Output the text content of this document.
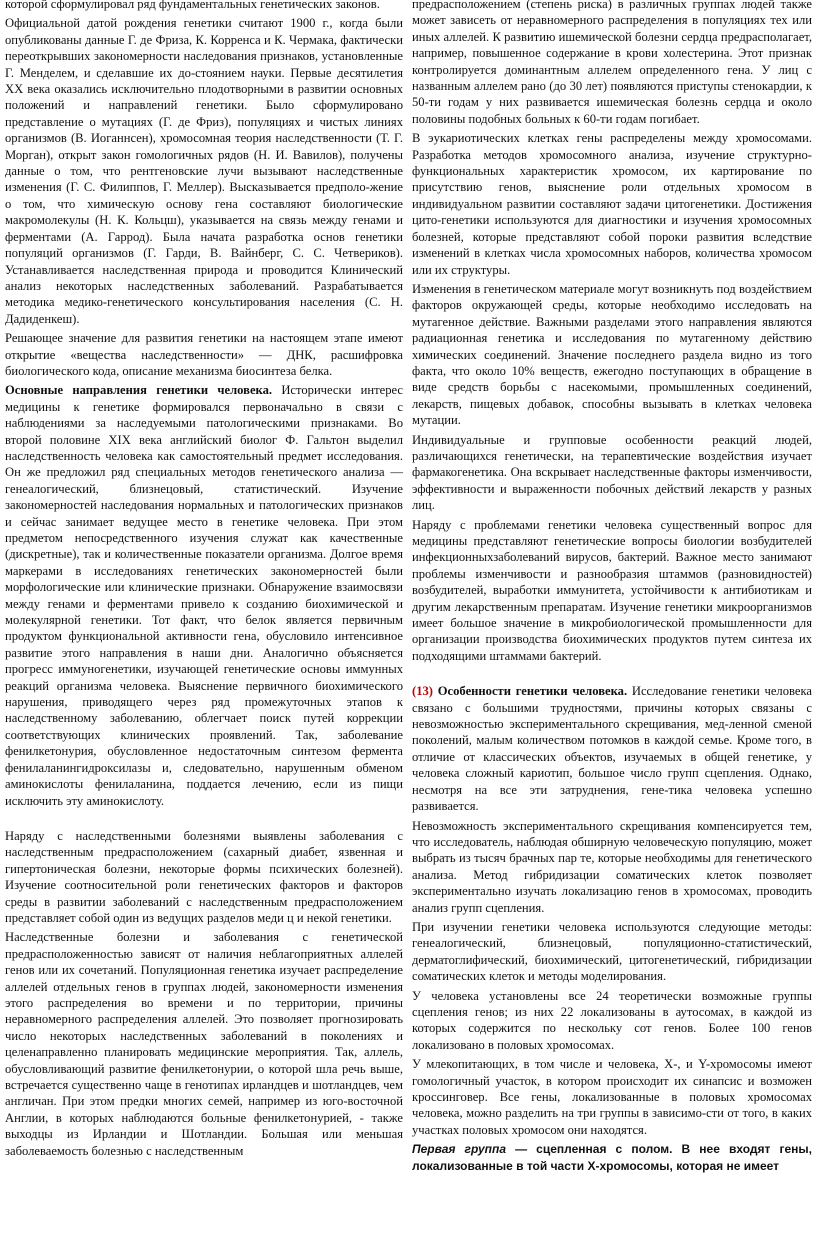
которой сформулировал ряд фундаментальных генетических законов.

Официальной датой рождения генетики считают 1900 г., когда были опубликованы данные Г. де Фриза, К. Корренса и К. Чермака, фактически переоткрывших закономерности наследования признаков, установленные Г. Менделем, и сделавшие их до-стоянием науки. Первые десятилетия XX века оказались исключительно плодотворными в развитии основных положений и направлений генетики. Было сформулировано представление о мутациях (Г. де Фриз), популяциях и чистых линиях организмов (В. Иоганнсен), хромосомная теория наследственности (Т. Г. Морган), открыт закон гомологичных рядов (Н. И. Вавилов), получены данные о том, что рентгеновские лучи вызывают наследственные изменения (Г. С. Филиппов, Г. Меллер). Высказывается предполо-жение о том, что химическую основу гена составляют биологические макромолекулы (Н. К. Кольцш), указывается на связь между генами и ферментами (А. Гаррод). Была начата разработка основ генетики популяций организмов (Г. Гарди, В. Вайнберг, С. С. Четвериков). Устанавливается наследственная природа и проводится Клинический анализ некоторых наследственных заболеваний. Разрабатывается методика медико-генетического консультирования населения (С. Н. Дадиденкеш).

Решающее значение для развития генетики на настоящем этапе имеют открытие «вещества наследственности» — ДНК, расшифровка биологического кода, описание механизма биосинтеза белка.

Основные направления генетики человека. Исторически интерес медицины к генетике формировался первоначально в связи с наблюдениями за наследуемыми патологическими признаками. Во второй половине XIX века английский биолог Ф. Гальтон выделил наследственность человека как самостоятельный предмет исследования. Он же предложил ряд специальных методов генетического анализа — генеалогический, близнецовый, статистический. Изучение закономерностей наследования нормальных и патологических признаков и сейчас занимает ведущее место в генетике человека. При этом предметом непосредственного изучения служат как качественные (дискретные), так и количественные показатели организма. Долгое время маркерами в исследованиях генетических закономерностей были морфологические или клинические признаки. Обнаружение взаимосвязи между генами и ферментами привело к созданию биохимической и молекулярной генетики. Тот факт, что белок является первичным продуктом функциональной активности гена, обусловило интенсивное развитие этого направления в наши дни. Аналогично объясняется прогресс иммуногенетики, изучающей генетические основы иммунных реакций организма человека. Выяснение первичного биохимического нарушения, приводящего через ряд промежуточных этапов к наследственному заболеванию, облегчает поиск путей коррекции соответствующих клинических проявлений. Так, заболевание фенилкетонурия, обусловленное недостаточным синтезом фермента фенилаланингидроксилазы и, следовательно, нарушенным обменом аминокислоты фенилаланина, поддается лечению, если из пищи исключить эту аминокислоту.

Наряду с наследственными болезнями выявлены заболевания с наследственным предрасположением (сахарный диабет, язвенная и гипертоническая болезни, некоторые формы психических болезней). Изучение соотносительной роли генетических факторов и факторов среды в развитии заболеваний с наследственным предрасположением представляет собой один из ведущих разделов меди ц и некой генетики.

Наследственные болезни и заболевания с генетической предрасположенностью зависят от наличия неблагоприятных аллелей генов или их сочетаний. Популяционная генетика изучает распределение аллелей отдельных генов в группах людей, закономерности изменения этого распределения во времени и по территории, причины неравномерного распределения аллелей. Это позволяет прогнозировать число некоторых наследственных заболеваний в поколениях и целенаправленно планировать медицинские мероприятия. Так, аллель, обусловливающий развитие фенилкетонурии, о которой шла речь выше, встречается существенно чаще в генотипах ирландцев и шотландцев, чем англичан. При этом предки многих семей, например из юго-восточной Англии, в которых наблюдаются больные фенилкетонурией, - также выходцы из Ирландии и Шотландии. Большая или меньшая заболеваемость болезнью с наследственным

предрасположением (степень риска) в различных группах людей также может зависеть от неравномерного распределения в популяциях тех или иных аллелей. К развитию ишемической болезни сердца предрасполагает, например, повышенное содержание в крови холестерина. Этот признак контролируется доминантным аллелем определенного гена. У лиц с названным аллелем рано (до 30 лет) появляются приступы стенокардии, к 50-ти годам у них развивается ишемическая болезнь сердца и около половины подобных больных к 60-ти годам погибает.

В эукариотических клетках гены распределены между хромосомами. Разработка методов хромосомного анализа, изучение структурно-функциональных характеристик хромосом, их картирование по присутствию генов, выяснение роли отдельных хромосом в индивидуальном развитии составляют задачи цитогенетики. Достижения цито-генетики используются для диагностики и изучения хромосомных болезней, которые представляют собой пороки развития вследствие изменений в клетках числа хромосомных наборов, количества хромосом или их структуры.

Изменения в генетическом материале могут возникнуть под воздействием факторов окружающей среды, которые необходимо исследовать на мутагенное действие. Важными разделами этого направления являются радиационная генетика и исследования по мутагенному действию химических соединений. Значение последнего раздела видно из того факта, что около 10% веществ, ежегодно поступающих в обращение в виде средств борьбы с насекомыми, промышленных соединений, лекарств, пищевых добавок, способны вызывать в клетках человека мутации.

Индивидуальные и групповые особенности реакций людей, различающихся генетически, на терапевтические воздействия изучает фармакогенетика. Она вскрывает наследственные факторы изменчивости, эффективности и выраженности побочных действий лекарств у разных лиц.

Наряду с проблемами генетики человека существенный вопрос для медицины представляют генетические вопросы биологии возбудителей инфекционныхзаболеваний вирусов, бактерий. Важное место занимают проблемы изменчивости и разнообразия штаммов (разновидностей) возбудителей, выработки иммунитета, устойчивости к антибиотикам и другим лекарственным препаратам. Изучение генетики микроорганизмов имеет большое значение в микробиологической промышленности для организации производства биохимических продуктов путем синтеза их подходящими штаммами бактерий.

(13) Особенности генетики человека. Исследование генетики человека связано с большими трудностями, причины которых связаны с невозможностью экспериментального скрещивания, мед-ленной сменой поколений, малым количеством потомков в каждой семье. Кроме того, в отличие от классических объектов, изучаемых в общей генетике, у человека сложный кариотип, большое число групп сцепления. Однако, несмотря на все эти затруднения, гене-тика человека успешно развивается.

Невозможность экспериментального скрещивания компенсируется тем, что исследователь, наблюдая обширную человеческую популяцию, может выбрать из тысяч брачных пар те, которые необходимы для генетического анализа. Метод гибридизации соматических клеток позволяет экспериментально изучать локализацию генов в хромосомах, проводить анализ групп сцепления.

При изучении генетики человека используются следующие методы: генеалогический, близнецовый, популяционно-статистический, дерматоглифический, биохимический, цитогенетический, гибридизации соматических клеток и методы моделирования.

У человека установлены все 24 теоретически возможные группы сцепления генов; из них 22 локализованы в аутосомах, в каждой из которых содержится по нескольку сот генов. Более 100 генов локализовано в половых хромосомах.

У млекопитающих, в том числе и человека, X-, и Y-хромосомы имеют гомологичный участок, в котором происходит их синапсис и возможен кроссинговер. Все гены, локализованные в половых хромосомах человека, можно разделить на три группы в зависимо-сти от того, в каких участках половых хромосом они находятся.

Первая группа — сцепленная с полом. В нее входят гены, локализованные в той части Х-хромосомы, которая не имеет
